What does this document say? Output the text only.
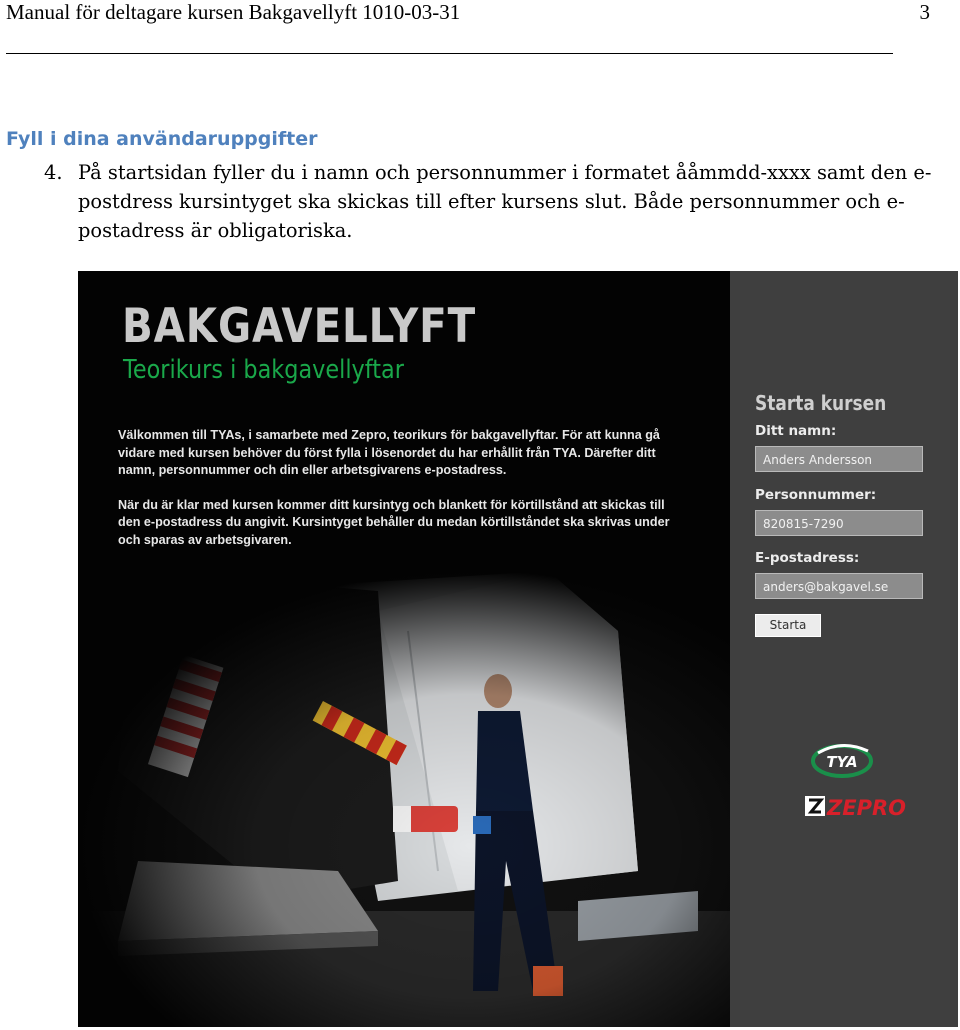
Manual för deltagare kursen Bakgavellyft 1010-03-31	3
Fyll i dina användaruppgifter
4. På startsidan fyller du i namn och personnummer i formatet ååmmdd-xxxx samt den e-postdress kursintyget ska skickas till efter kursens slut. Både personnummer och e-postadress är obligatoriska.
BAKGAVELLYFT
Teorikurs i bakgavellyftar

Välkommen till TYAs, i samarbete med Zepro, teorikurs för bakgavellyftar. För att kunna gå vidare med kursen behöver du först fylla i lösenordet du har erhållit från TYA. Därefter ditt namn, personnummer och din eller arbetsgivarens e-postadress.

När du är klar med kursen kommer ditt kursintyg och blankett för körtillstånd att skickas till den e-postadress du angivit. Kursintyget behåller du medan körtillståndet ska skrivas under och sparas av arbetsgivaren.

Starta kursen
Ditt namn:
Anders Andersson
Personnummer:
820815-7290
E-postadress:
anders@bakgavel.se
Starta
TYA
ZEPRO
